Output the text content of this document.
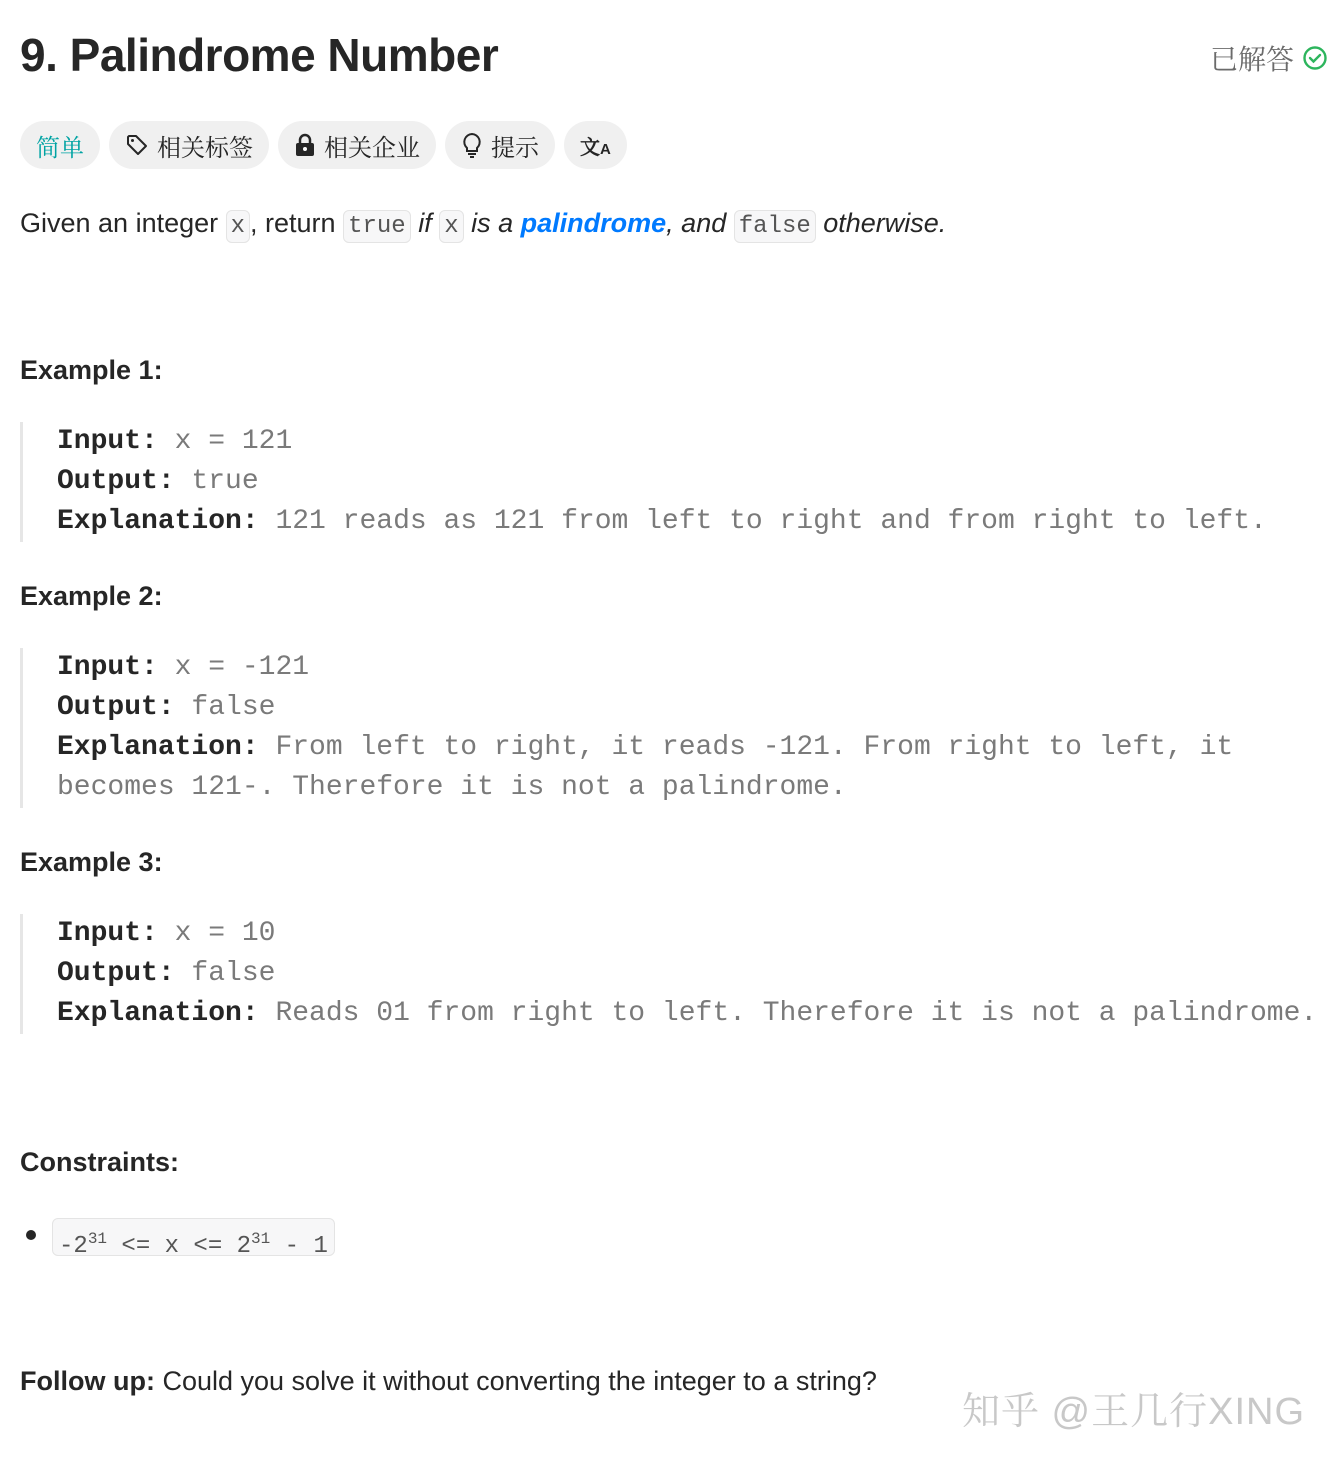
9. Palindrome Number	已解答
简单	相关标签	相关企业	提示 文A
Given an integer x , return true if x is a palindrome, and false otherwise.
Example 1:
Input: x = 121
Output: true
Explanation: 121 reads as 121 from left to right and from right to left.
Example 2:
Input: x = -121
Output: false
Explanation: From left to right, it reads -121. From right to left, it
becomes 121-. Therefore it is not a palindrome.
Example 3:
Input: x = 10
Output: false
Explanation: Reads 01 from right to left. Therefore it is not a palindrome.
Constraints:
$-2^{31} <= x <= 2^{31} - 1$
Follow up: Could you solve it without converting the integer to a string?
知乎 @王几行XING
